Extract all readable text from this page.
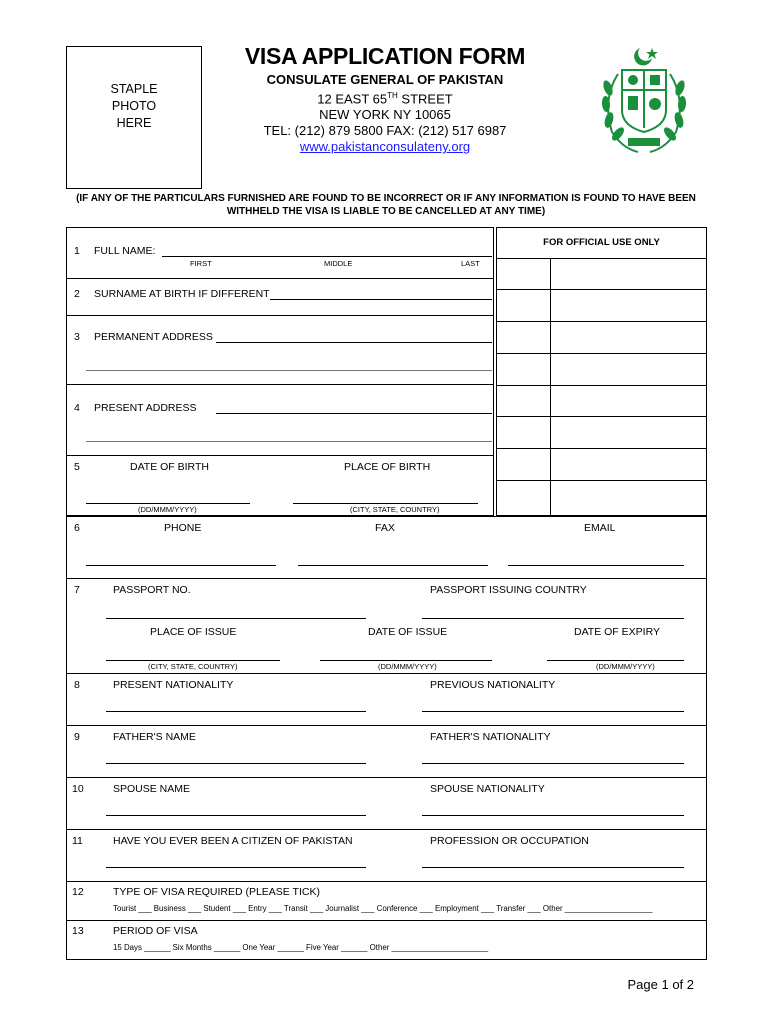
STAPLE
PHOTO
HERE
VISA APPLICATION FORM
CONSULATE GENERAL OF PAKISTAN
12 EAST 65TH STREET
NEW YORK NY 10065
TEL: (212) 879 5800 FAX: (212) 517 6987
www.pakistanconsulateny.org
(IF ANY OF THE PARTICULARS FURNISHED ARE FOUND TO BE INCORRECT OR IF ANY INFORMATION IS FOUND TO HAVE BEEN WITHHELD THE VISA IS LIABLE TO BE CANCELLED AT ANY TIME)
FOR OFFICIAL USE ONLY
1 FULL NAME:
FIRST	MIDDLE	LAST
2 SURNAME AT BIRTH IF DIFFERENT
3 PERMANENT ADDRESS
4 PRESENT ADDRESS
5	DATE OF BIRTH	PLACE OF BIRTH
(DD/MMM/YYYY)	(CITY, STATE, COUNTRY)
6	PHONE	FAX	EMAIL
7	PASSPORT NO.	PASSPORT ISSUING COUNTRY
PLACE OF ISSUE	DATE OF ISSUE	DATE OF EXPIRY
(CITY, STATE, COUNTRY)	(DD/MMM/YYYY)	(DD/MMM/YYYY)
8	PRESENT NATIONALITY	PREVIOUS NATIONALITY
9	FATHER'S NAME	FATHER'S NATIONALITY
10	SPOUSE NAME	SPOUSE NATIONALITY
11	HAVE YOU EVER BEEN A CITIZEN OF PAKISTAN	PROFESSION OR OCCUPATION
12	TYPE OF VISA REQUIRED (PLEASE TICK)
Tourist ___ Business ___ Student ___ Entry ___ Transit ___ Journalist ___ Conference ___ Employment ___ Transfer ___ Other ____________________
13	PERIOD OF VISA
15 Days ______ Six Months ______ One Year ______ Five Year ______ Other ______________________
Page 1 of 2
